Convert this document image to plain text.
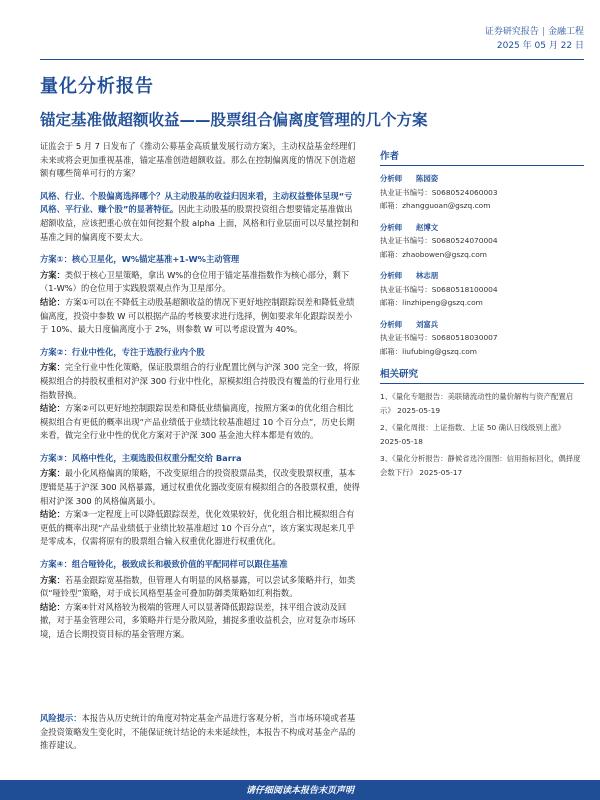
证券研究报告 | 金融工程
2025 年 05 月 22 日
量化分析报告
锚定基准做超额收益——股票组合偏离度管理的几个方案

证监会于 5 月 7 日发布了《推动公募基金高质量发展行动方案》，主动权益基金经理们未来或将会更加重视基准，锚定基准创造超额收益。那么在控制偏离度的情况下创造超额有哪些简单可行的方案？

风格、行业、个股偏离选择哪个？从主动股基的收益归因来看，主动权益整体呈现“亏风格、平行业、赚个股”的显著特征。因此主动股基的股票投资组合想要锚定基准做出超额收益，应该把重心放在如何挖掘个股 alpha 上面，风格和行业层面可以尽量控制和基准之间的偏离度不要太大。

方案①：核心卫星化，W%锚定基准+1-W%主动管理

方案：类似于核心卫星策略，拿出 W%的仓位用于锚定基准指数作为核心部分，剩下（1-W%）的仓位用于实践股票观点作为卫星部分。

结论：方案①可以在不降低主动股基超额收益的情况下更好地控制跟踪误差和降低业绩偏离度，投资中参数 W 可以根据产品的考核要求进行选择，例如要求年化跟踪误差小于 10%、最大日度偏离度小于 2%，则参数 W 可以考虑设置为 40%。

方案②：行业中性化，专注于选股行业内个股

方案：完全行业中性化策略，保证股票组合的行业配置比例与沪深 300 完全一致，将原模拟组合的持股权重相对沪深 300 行业中性化，原模拟组合持股没有覆盖的行业用行业指数替换。

结论：方案②可以更好地控制跟踪误差和降低业绩偏离度，按照方案②的优化组合相比模拟组合有更低的概率出现“产品业绩低于业绩比较基准超过 10 个百分点”，历史长期来看，做完全行业中性的优化方案对于沪深 300 基金池大样本都是有效的。

方案③：风格中性化，主观选股但权重分配交给 Barra

方案：最小化风格偏离的策略，不改变原组合的投资股票品类，仅改变股票权重，基本逻辑是基于沪深 300 风格暴露，通过权重优化器改变原有模拟组合的各股票权重，使得相对沪深 300 的风格偏离最小。

结论：方案③一定程度上可以降低跟踪误差，优化效果较好，优化组合相比模拟组合有更低的概率出现“产品业绩低于业绩比较基准超过 10 个百分点”，该方案实现起来几乎是零成本，仅需将原有的股票组合输入权重优化器进行权重优化。

方案④：组合哑铃化，极致成长和极致价值的平配同样可以跟住基准

方案：若基金跟踪宽基指数，但管理人有明显的风格暴露，可以尝试多策略并行，如类似“哑铃型”策略，对于成长风格型基金可叠加防御类策略如红利指数。

结论：方案④针对风格较为极端的管理人可以显著降低跟踪误差，抹平组合波动及回撤，对于基金管理公司，多策略并行是分散风险，捕捉多重收益机会，应对复杂市场环境，适合长期投资目标的基金管理方案。

风险提示：本报告从历史统计的角度对特定基金产品进行客观分析，当市场环境或者基金投资策略发生变化时，不能保证统计结论的未来延续性，本报告不构成对基金产品的推荐建议。

作者
分析师 陈园姿
执业证书编号：S0680524060003
邮箱：zhangguoan@gszq.com
分析师 赵博文
执业证书编号：S0680524070004
邮箱：zhaobowen@gszq.com
分析师 林志朋
执业证书编号：S0680518100004
邮箱：linzhipeng@gszq.com
分析师 刘富兵
执业证书编号：S0680518030007
邮箱：liufubing@gszq.com
相关研究
1、《量化专题报告：美联储流动性的量价解构与资产配置启示》 2025-05-19
2、《量化周报：上证指数、上证 50 确认日线级别上涨》 2025-05-18
3、《量化分析报告：静候省选冷面图：信用指标回化，偶择度会数下行》 2025-05-17
请仔细阅读本报告末页声明
